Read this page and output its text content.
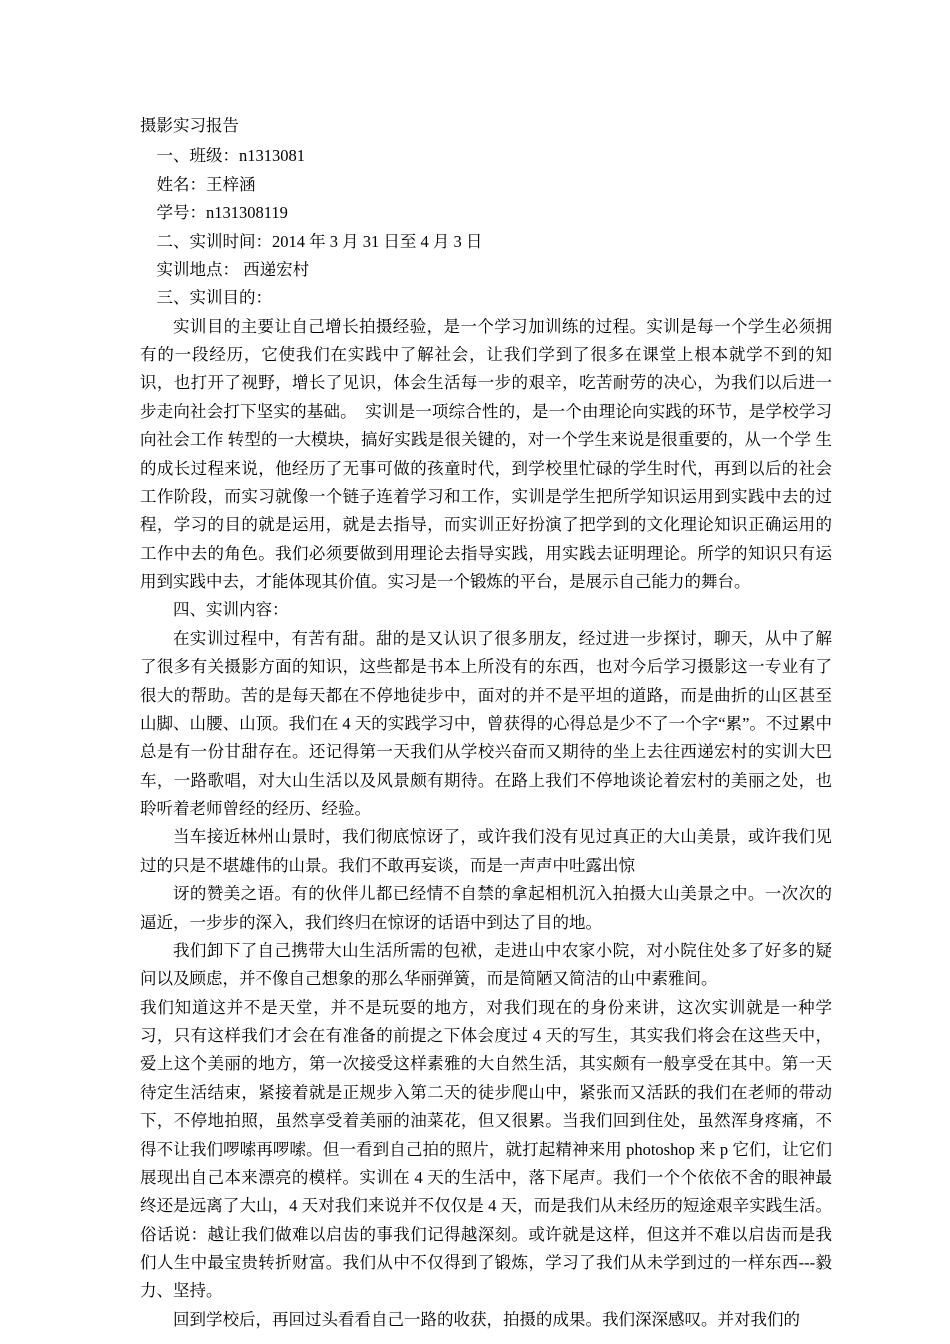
摄影实习报告

一、班级：n1313081

姓名：王梓涵

学号：n131308119

二、实训时间：2014 年 3 月 31 日至 4 月 3 日

实训地点： 西递宏村

三、实训目的：

实训目的主要让自己增长拍摄经验，是一个学习加训练的过程。实训是每一个学生必须拥有的一段经历，它使我们在实践中了解社会，让我们学到了很多在课堂上根本就学不到的知识，也打开了视野，增长了见识，体会生活每一步的艰辛，吃苦耐劳的决心，为我们以后进一步走向社会打下坚实的基础。　实训是一项综合性的，是一个由理论向实践的环节，是学校学习向社会工作 转型的一大模块，搞好实践是很关键的，对一个学生来说是很重要的，从一个学 生的成长过程来说，他经历了无事可做的孩童时代，到学校里忙碌的学生时代，再到以后的社会工作阶段，而实习就像一个链子连着学习和工作，实训是学生把所学知识运用到实践中去的过程，学习的目的就是运用，就是去指导，而实训正好扮演了把学到的文化理论知识正确运用的工作中去的角色。我们必须要做到用理论去指导实践，用实践去证明理论。所学的知识只有运用到实践中去，才能体现其价值。实习是一个锻炼的平台，是展示自己能力的舞台。

四、实训内容：

在实训过程中，有苦有甜。甜的是又认识了很多朋友，经过进一步探讨，聊天，从中了解了很多有关摄影方面的知识，这些都是书本上所没有的东西，也对今后学习摄影这一专业有了很大的帮助。苦的是每天都在不停地徒步中，面对的并不是平坦的道路，而是曲折的山区甚至山脚、山腰、山顶。我们在 4 天的实践学习中，曾获得的心得总是少不了一个字“累”。不过累中总是有一份甘甜存在。还记得第一天我们从学校兴奋而又期待的坐上去往西递宏村的实训大巴车，一路歌唱，对大山生活以及风景颇有期待。在路上我们不停地谈论着宏村的美丽之处，也聆听着老师曾经的经历、经验。

当车接近林州山景时，我们彻底惊讶了，或许我们没有见过真正的大山美景，或许我们见过的只是不堪雄伟的山景。我们不敢再妄谈，而是一声声中吐露出惊

讶的赞美之语。有的伙伴儿都已经情不自禁的拿起相机沉入拍摄大山美景之中。一次次的逼近，一步步的深入，我们终归在惊讶的话语中到达了目的地。

我们卸下了自己携带大山生活所需的包袱，走进山中农家小院，对小院住处多了好多的疑问以及顾虑，并不像自己想象的那么华丽弹簧，而是简陋又简洁的山中素雅间。

我们知道这并不是天堂，并不是玩耍的地方，对我们现在的身份来讲，这次实训就是一种学习，只有这样我们才会在有准备的前提之下体会度过 4 天的写生，其实我们将会在这些天中，爱上这个美丽的地方，第一次接受这样素雅的大自然生活，其实颇有一般享受在其中。第一天待定生活结束，紧接着就是正规步入第二天的徒步爬山中，紧张而又活跃的我们在老师的带动下，不停地拍照，虽然享受着美丽的油菜花，但又很累。当我们回到住处，虽然浑身疼痛，不得不让我们啰嗦再啰嗦。但一看到自己拍的照片，就打起精神来用 photoshop 来 p 它们，让它们展现出自己本来漂亮的模样。实训在 4 天的生活中，落下尾声。我们一个个依依不舍的眼神最终还是远离了大山，4 天对我们来说并不仅仅是 4 天，而是我们从未经历的短途艰辛实践生活。俗话说：越让我们做难以启齿的事我们记得越深刻。或许就是这样，但这并不难以启齿而是我们人生中最宝贵转折财富。我们从中不仅得到了锻炼，学习了我们从未学到过的一样东西---毅力、坚持。

回到学校后，再回过头看看自己一路的收获，拍摄的成果。我们深深感叹。并对我们的
